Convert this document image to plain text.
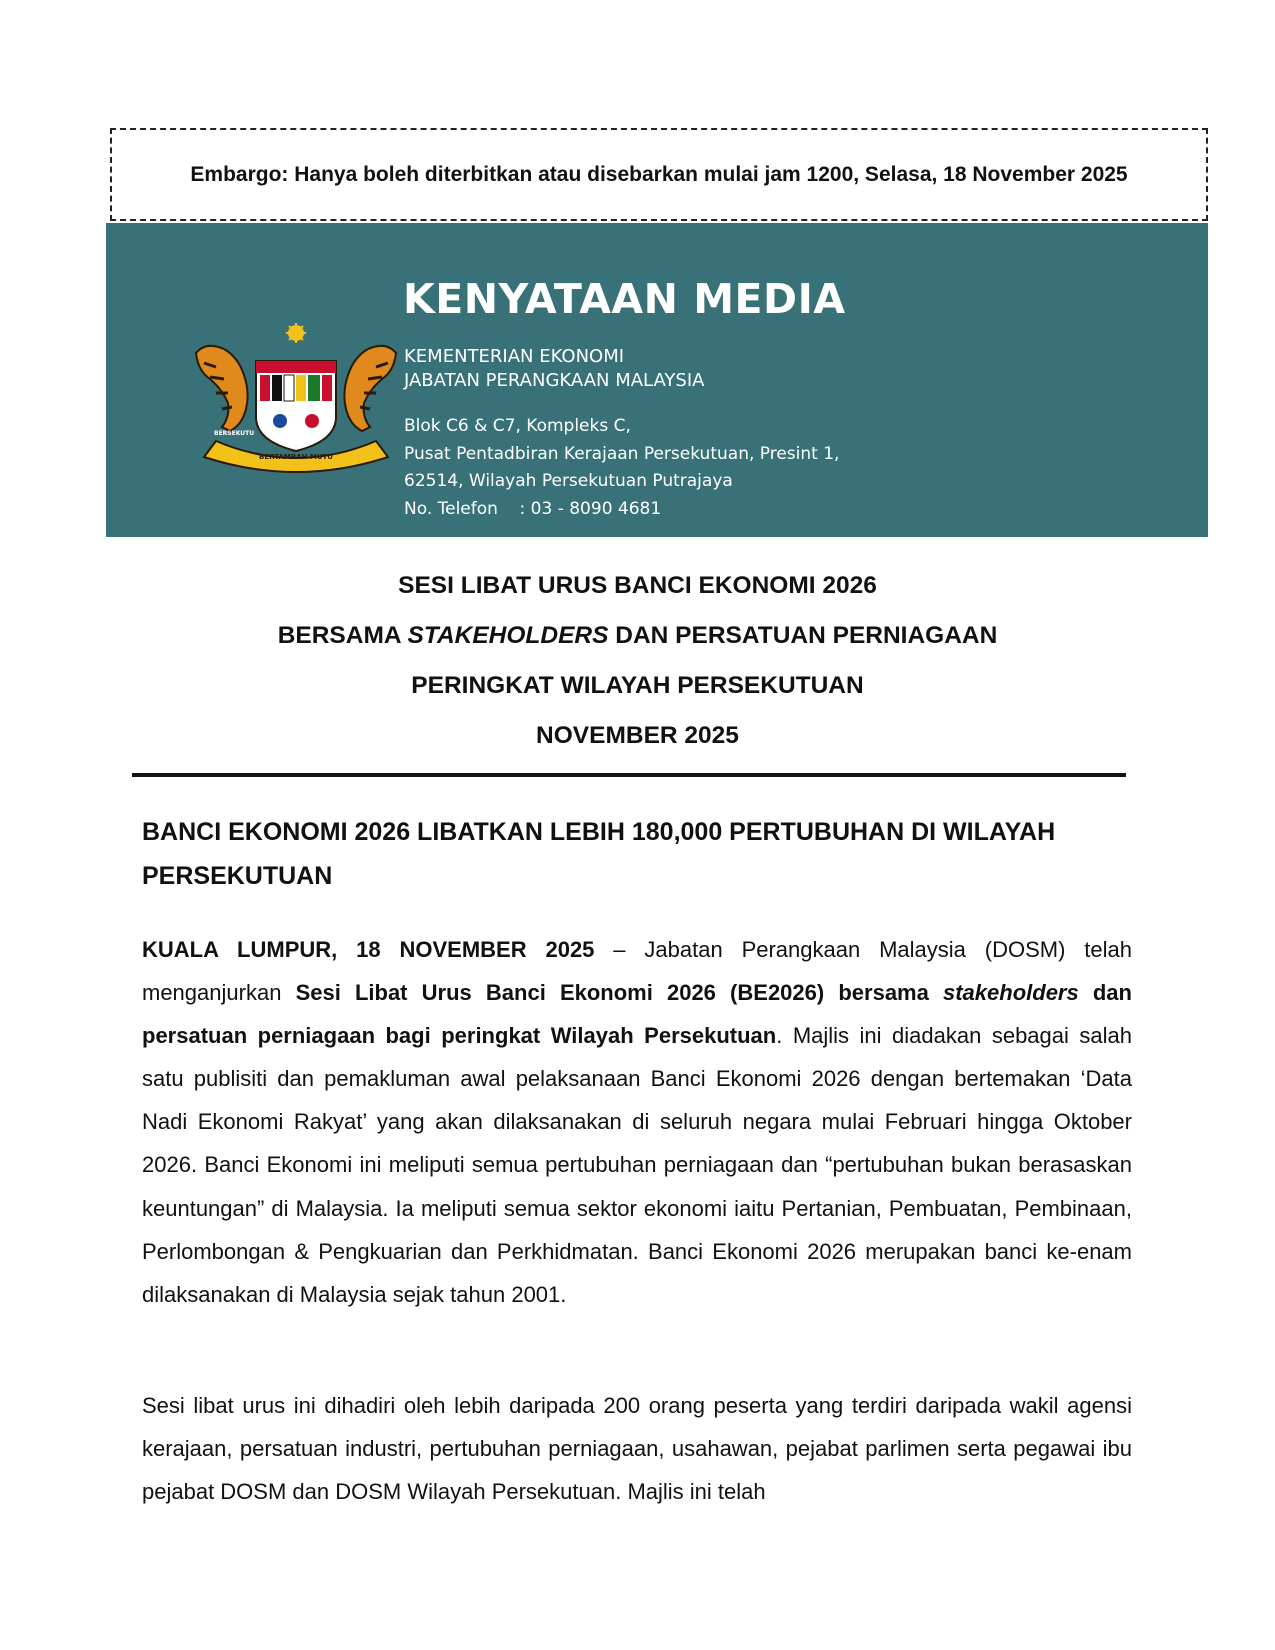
Embargo: Hanya boleh diterbitkan atau disebarkan mulai jam 1200, Selasa, 18 November 2025
BERTAMBAH MUTU
BERSEKUTU
KENYATAAN MEDIA
KEMENTERIAN EKONOMI
JABATAN PERANGKAAN MALAYSIA
Blok C6 & C7, Kompleks C,
Pusat Pentadbiran Kerajaan Persekutuan, Presint 1,
62514, Wilayah Persekutuan Putrajaya
No. Telefon    : 03 - 8090 4681
SESI LIBAT URUS BANCI EKONOMI 2026
BERSAMA STAKEHOLDERS DAN PERSATUAN PERNIAGAAN
PERINGKAT WILAYAH PERSEKUTUAN
NOVEMBER 2025
BANCI EKONOMI 2026 LIBATKAN LEBIH 180,000 PERTUBUHAN DI WILAYAH PERSEKUTUAN

KUALA LUMPUR, 18 NOVEMBER 2025 – Jabatan Perangkaan Malaysia (DOSM) telah menganjurkan Sesi Libat Urus Banci Ekonomi 2026 (BE2026) bersama stakeholders dan persatuan perniagaan bagi peringkat Wilayah Persekutuan. Majlis ini diadakan sebagai salah satu publisiti dan pemakluman awal pelaksanaan Banci Ekonomi 2026 dengan bertemakan ‘Data Nadi Ekonomi Rakyat’ yang akan dilaksanakan di seluruh negara mulai Februari hingga Oktober 2026. Banci Ekonomi ini meliputi semua pertubuhan perniagaan dan “pertubuhan bukan berasaskan keuntungan” di Malaysia. Ia meliputi semua sektor ekonomi iaitu Pertanian, Pembuatan, Pembinaan, Perlombongan & Pengkuarian dan Perkhidmatan. Banci Ekonomi 2026 merupakan banci ke-enam dilaksanakan di Malaysia sejak tahun 2001.

Sesi libat urus ini dihadiri oleh lebih daripada 200 orang peserta yang terdiri daripada wakil agensi kerajaan, persatuan industri, pertubuhan perniagaan, usahawan, pejabat parlimen serta pegawai ibu pejabat DOSM dan DOSM Wilayah Persekutuan. Majlis ini telah
